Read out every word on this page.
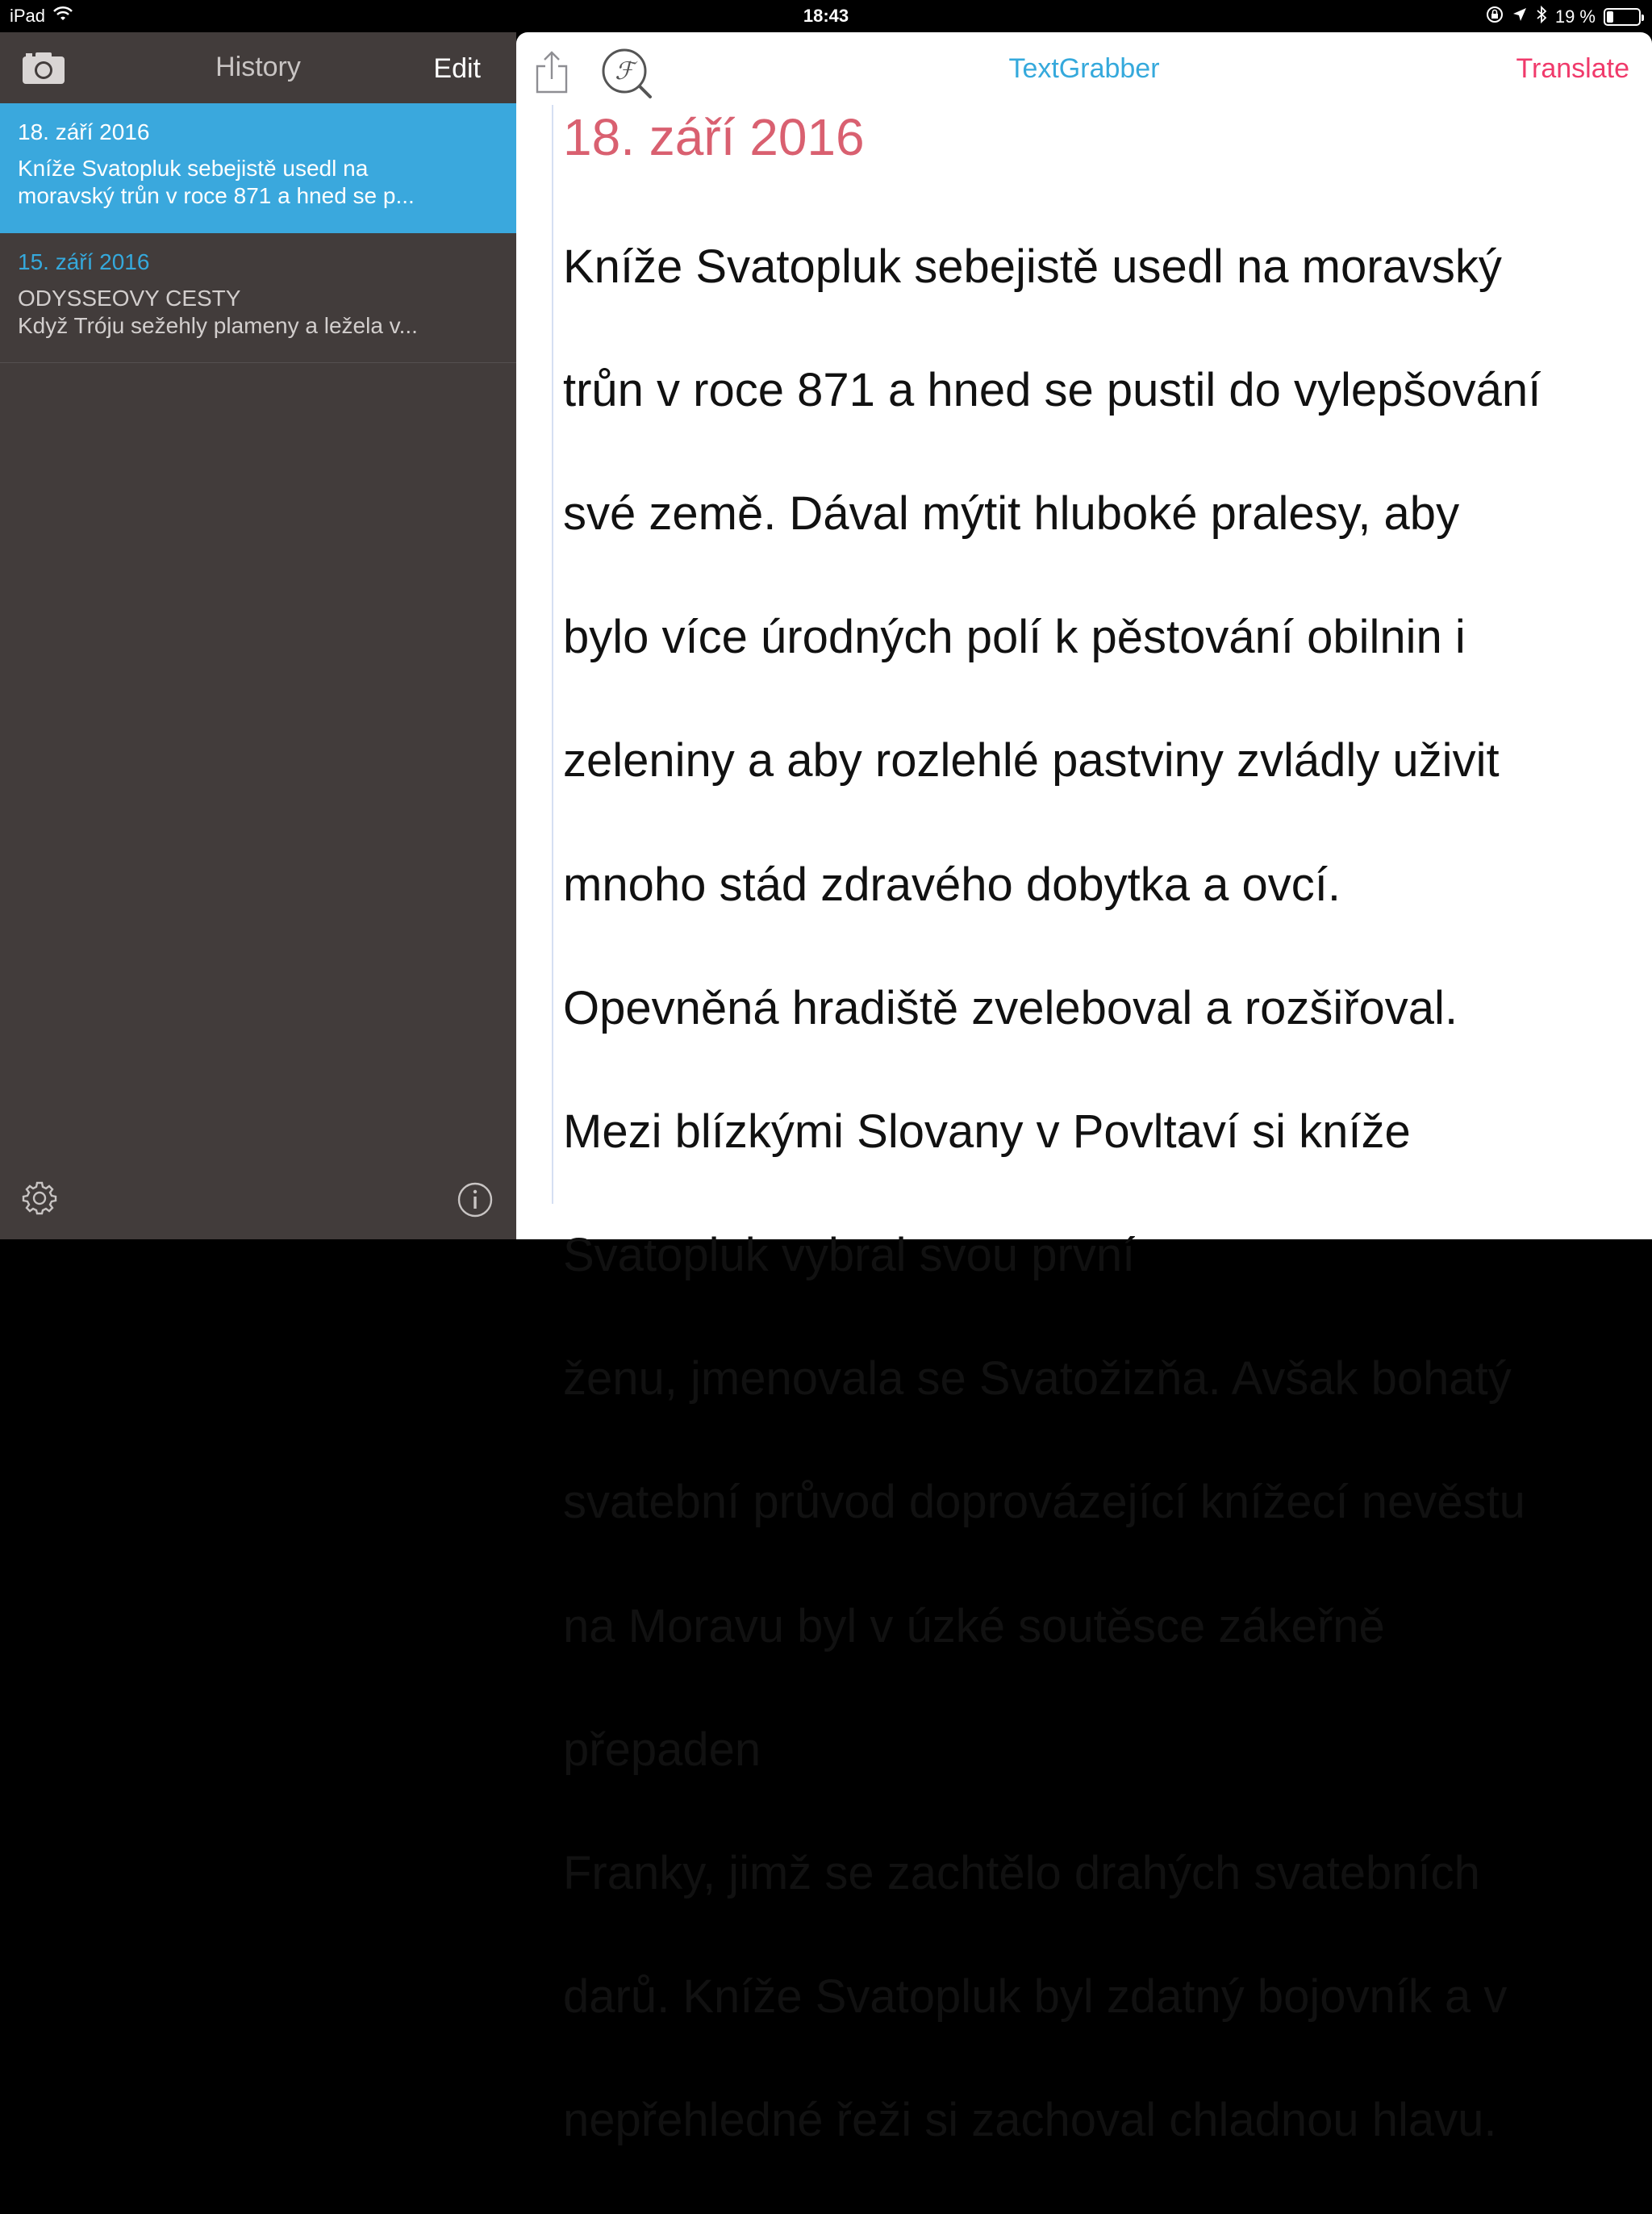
iPad	18:43	19 %
History	Edit
18. září 2016
Kníže Svatopluk sebejistě usedl na
moravský trůn v roce 871 a hned se p...
15. září 2016
ODYSSEOVY CESTY
Když Tróju sežehly plameny a ležela v...
ℱ	TextGrabber	Translate
18. září 2016

Kníže Svatopluk sebejistě usedl na moravský

trůn v roce 871 a hned se pustil do vylepšování

své země. Dával mýtit hluboké pralesy, aby

bylo více úrodných polí k pěstování obilnin i

zeleniny a aby rozlehlé pastviny zvládly uživit

mnoho stád zdravého dobytka a ovcí.

Opevněná hradiště zveleboval a rozšiřoval.

Mezi blízkými Slovany v Povltaví si kníže

Svatopluk vybral svou první

ženu, jmenovala se Svatožizňa. Avšak bohatý

svatební průvod doprovázející knížecí nevěstu

na Moravu byl v úzké soutěsce zákeřně

přepaden

Franky, jimž se zachtělo drahých svatebních

darů. Kníže Svatopluk byl zdatný bojovník a v

nepřehledné řeži si zachoval chladnou hlavu.
